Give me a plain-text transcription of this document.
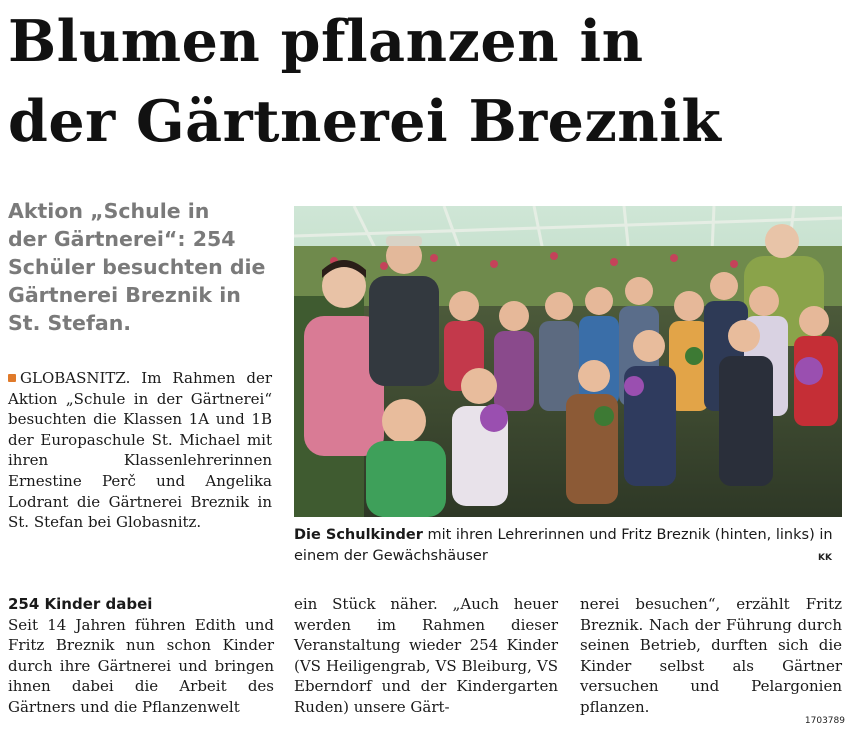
Blumen pflanzen in
der Gärtnerei Breznik
Aktion „Schule in
der Gärtnerei“: 254
Schüler besuchten die
Gärtnerei Breznik in
St. Stefan.
GLOBASNITZ. Im Rahmen der Aktion „Schule in der Gärtnerei“ besuchten die Klassen 1A und 1B der Europaschule St. Michael mit ihren Klassenlehrerinnen Ernestine Perč und Angelika Lodrant die Gärtnerei Breznik in St. Stefan bei Globasnitz.
254 Kinder dabei

Seit 14 Jahren führen Edith und Fritz Breznik nun schon Kinder durch ihre Gärtnerei und bringen ihnen dabei die Arbeit des Gärtners und die Pflanzenwelt

ein Stück näher. „Auch heuer werden im Rahmen dieser Veranstaltung wieder 254 Kinder (VS Heiligengrab, VS Bleiburg, VS Eberndorf und der Kindergarten Ruden) unsere Gärt-

nerei besuchen“, erzählt Fritz Breznik. Nach der Führung durch seinen Betrieb, durften sich die Kinder selbst als Gärtner versuchen und Pelargonien pflanzen.

Die Schulkinder mit ihren Lehrerinnen und Fritz Breznik (hinten, links) in einem der Gewächshäuser	KK
1703789
